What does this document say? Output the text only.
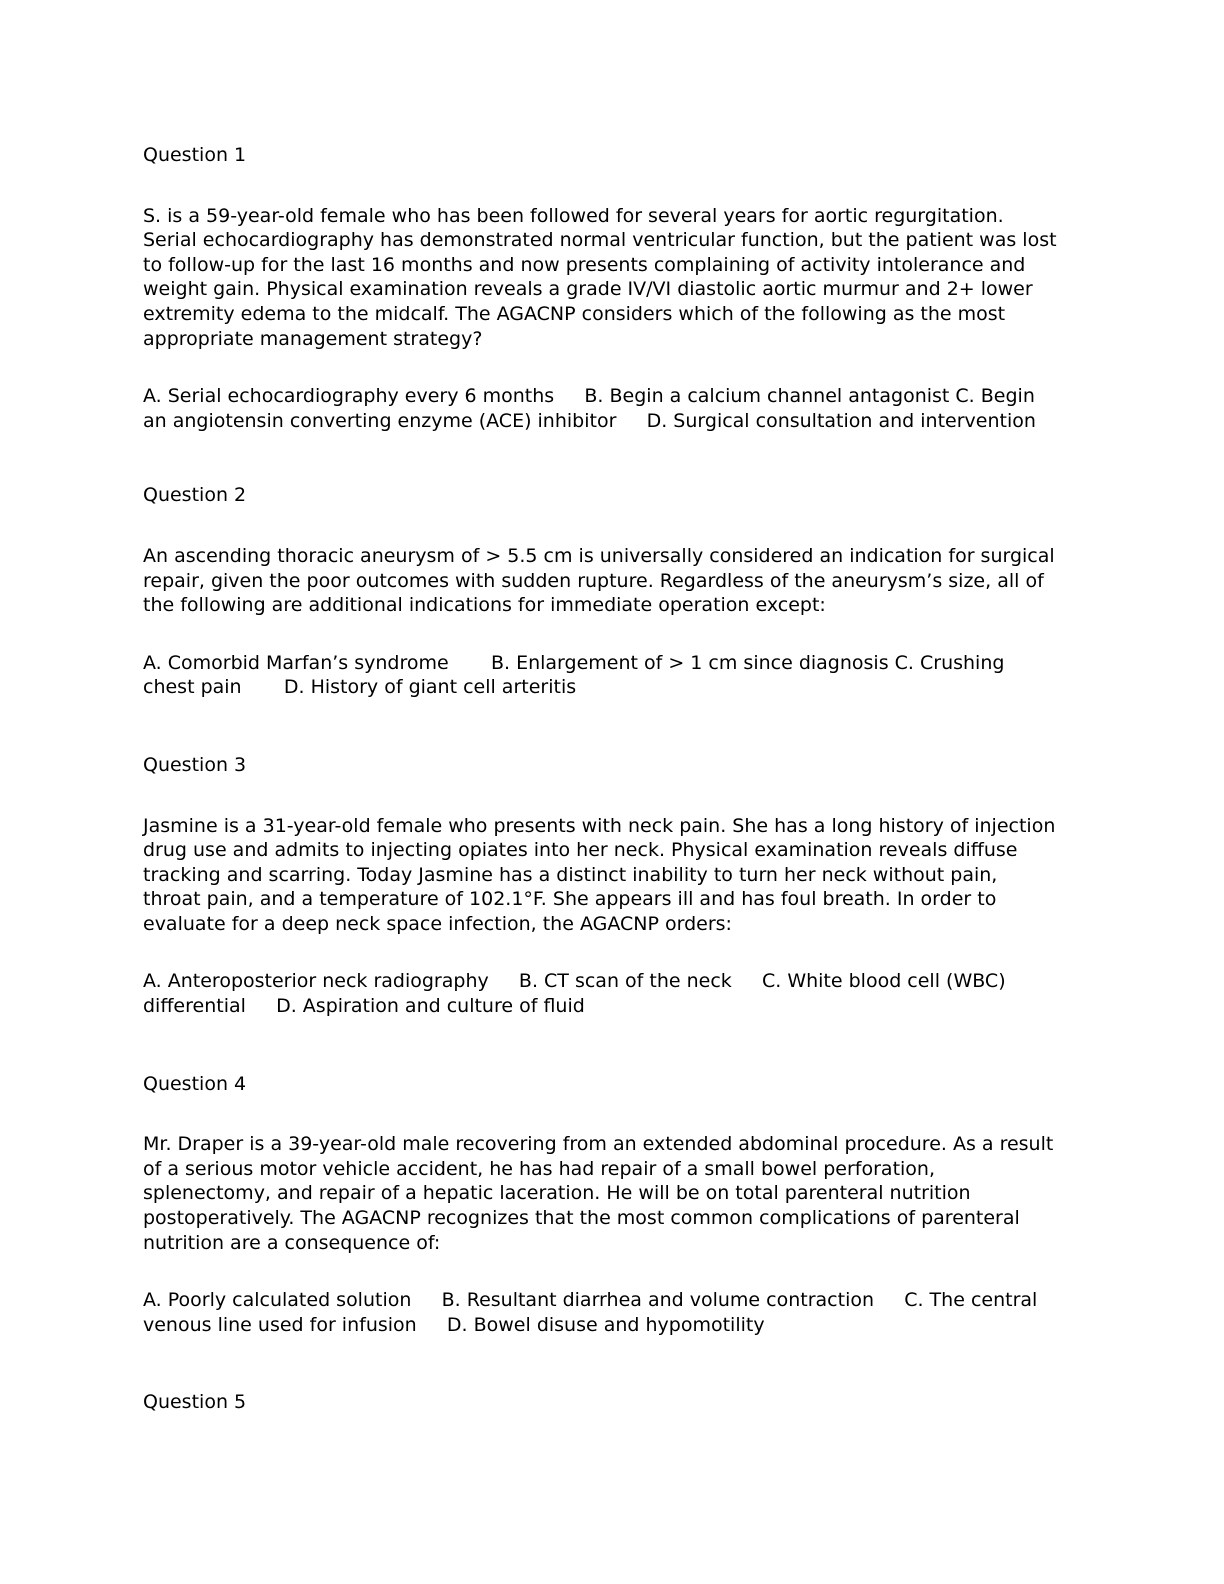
Question 1

S. is a 59-year-old female who has been followed for several years for aortic regurgitation. Serial echocardiography has demonstrated normal ventricular function, but the patient was lost to follow-up for the last 16 months and now presents complaining of activity intolerance and weight gain. Physical examination reveals a grade IV/VI diastolic aortic murmur and 2+ lower extremity edema to the midcalf. The AGACNP considers which of the following as the most appropriate management strategy?

A. Serial echocardiography every 6 months     B. Begin a calcium channel antagonist C. Begin an angiotensin converting enzyme (ACE) inhibitor     D. Surgical consultation and intervention

Question 2

An ascending thoracic aneurysm of > 5.5 cm is universally considered an indication for surgical repair, given the poor outcomes with sudden rupture. Regardless of the aneurysm’s size, all of the following are additional indications for immediate operation except:

A. Comorbid Marfan’s syndrome       B. Enlargement of > 1 cm since diagnosis C. Crushing chest pain       D. History of giant cell arteritis

Question 3

Jasmine is a 31-year-old female who presents with neck pain. She has a long history of injection drug use and admits to injecting opiates into her neck. Physical examination reveals diffuse tracking and scarring. Today Jasmine has a distinct inability to turn her neck without pain, throat pain, and a temperature of 102.1°F. She appears ill and has foul breath. In order to evaluate for a deep neck space infection, the AGACNP orders:

A. Anteroposterior neck radiography     B. CT scan of the neck     C. White blood cell (WBC) differential     D. Aspiration and culture of fluid

Question 4

Mr. Draper is a 39-year-old male recovering from an extended abdominal procedure. As a result of a serious motor vehicle accident, he has had repair of a small bowel perforation, splenectomy, and repair of a hepatic laceration. He will be on total parenteral nutrition postoperatively. The AGACNP recognizes that the most common complications of parenteral nutrition are a consequence of:

A. Poorly calculated solution     B. Resultant diarrhea and volume contraction     C. The central venous line used for infusion     D. Bowel disuse and hypomotility

Question 5
